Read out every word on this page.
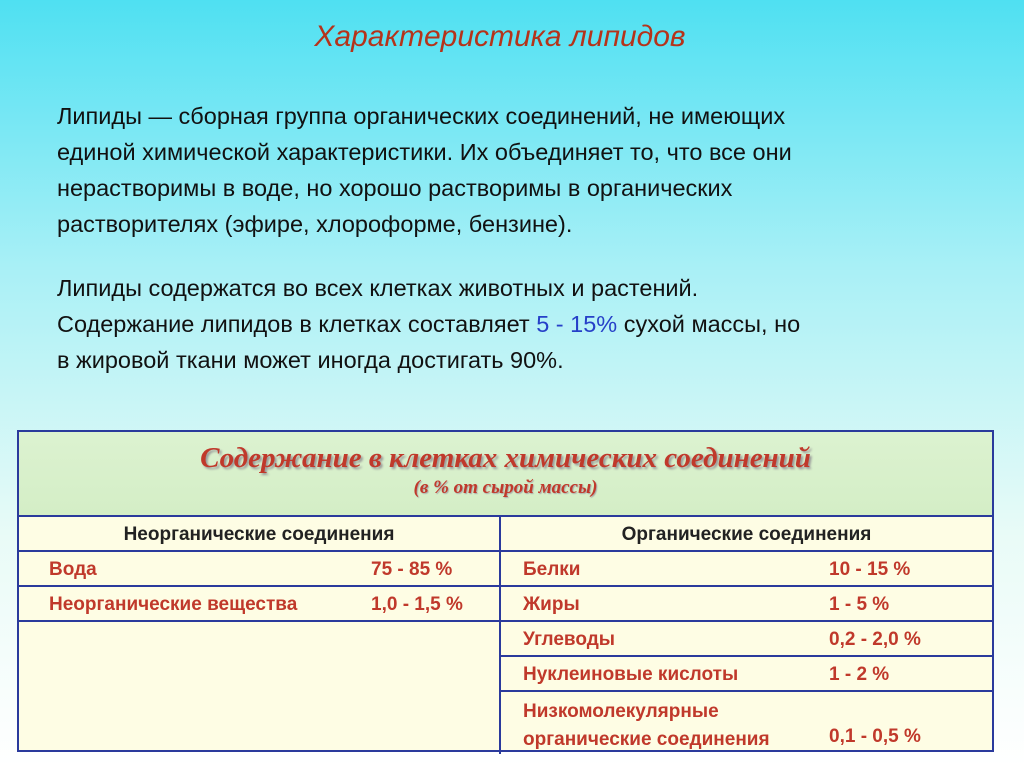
Характеристика липидов
Липиды — сборная группа органических соединений, не имеющих
единой химической характеристики. Их объединяет то, что все они
нерастворимы в воде, но хорошо растворимы в органических
растворителях (эфире, хлороформе, бензине).
Липиды содержатся во всех клетках животных и растений.
Содержание липидов в клетках составляет 5 - 15% сухой массы, но
в жировой ткани может иногда достигать 90%.
Содержание в клетках химических соединений
(в % от сырой массы)
Неорганические соединения	Органические соединения
Вода	75 - 85 %
Неорганические вещества	1,0 - 1,5 %
Белки	10 - 15 %
Жиры	1 - 5 %
Углеводы	0,2 - 2,0 %
Нуклеиновые кислоты	1 - 2 %
Низкомолекулярные
органические соединения	0,1 - 0,5 %
